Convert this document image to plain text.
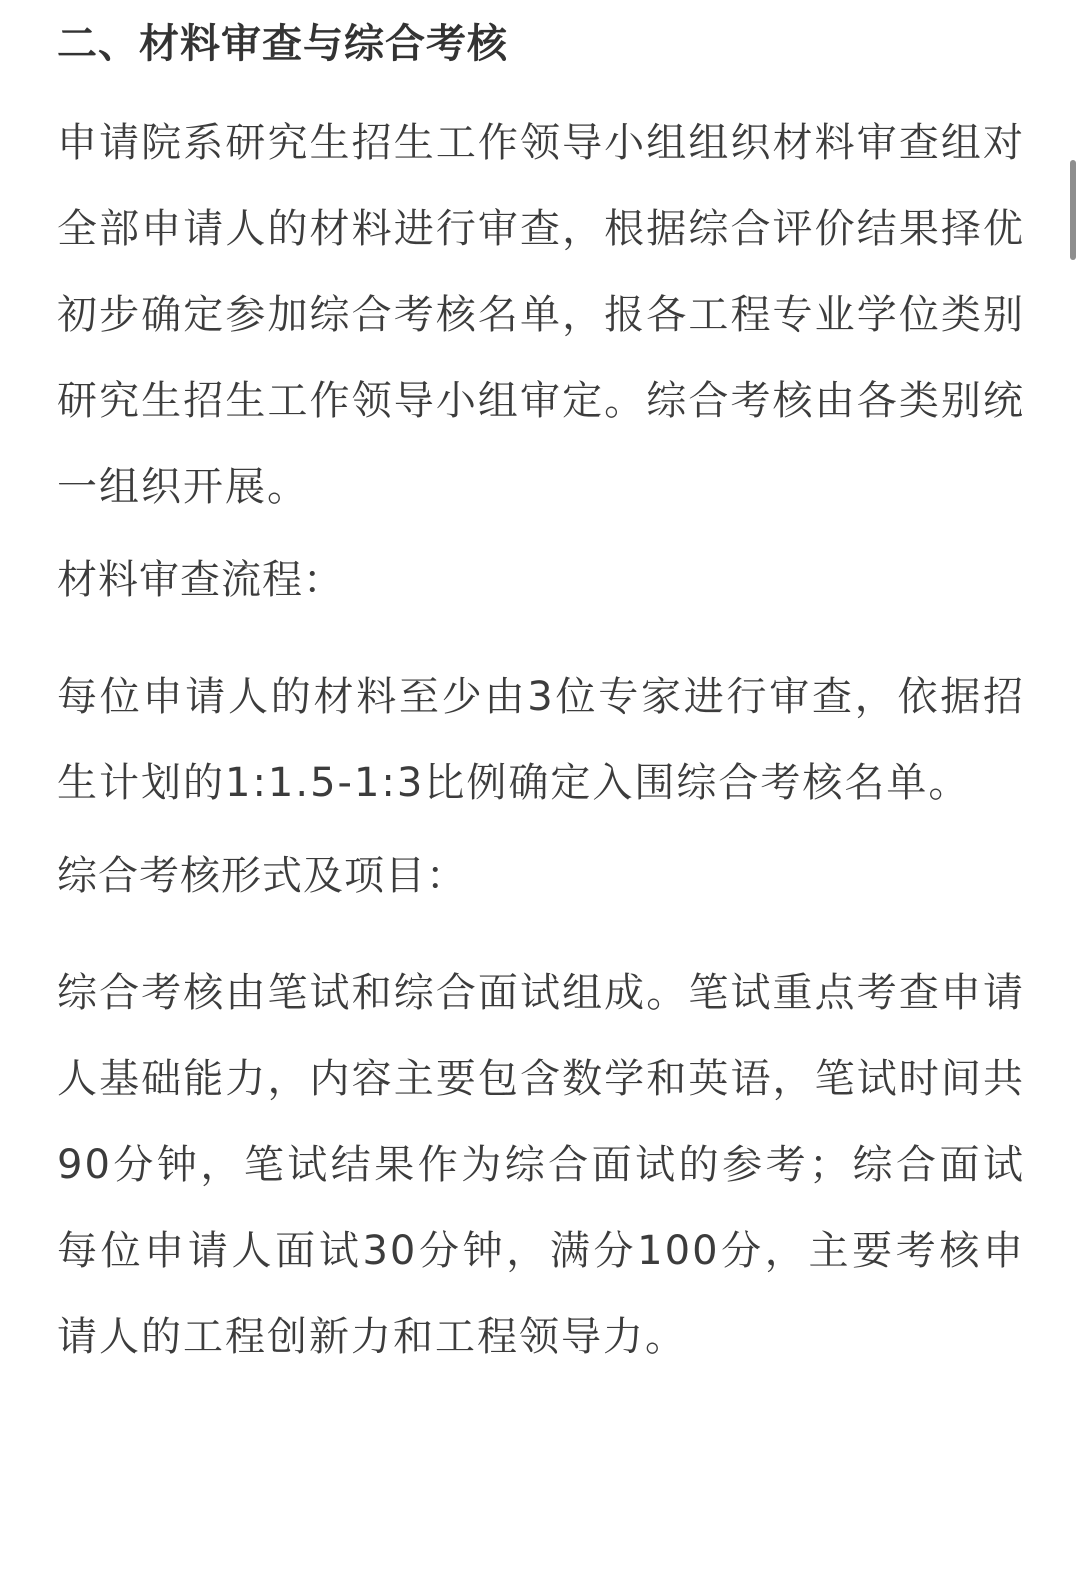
二、材料审查与综合考核
申请院系研究生招生工作领导小组组织材料审查组对全部申请人的材料进行审查，根据综合评价结果择优初步确定参加综合考核名单，报各工程专业学位类别研究生招生工作领导小组审定。综合考核由各类别统一组织开展。
材料审查流程：
每位申请人的材料至少由3位专家进行审查，依据招生计划的1:1.5-1:3比例确定入围综合考核名单。
综合考核形式及项目：
综合考核由笔试和综合面试组成。笔试重点考查申请人基础能力，内容主要包含数学和英语，笔试时间共90分钟，笔试结果作为综合面试的参考；综合面试每位申请人面试30分钟，满分100分，主要考核申请人的工程创新力和工程领导力。
